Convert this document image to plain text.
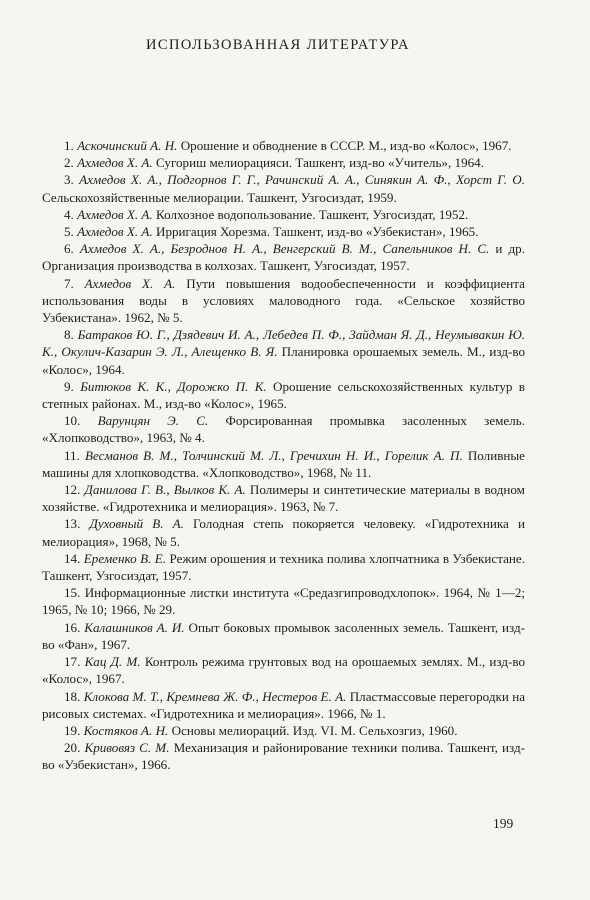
ИСПОЛЬЗОВАННАЯ ЛИТЕРАТУРА

1. Аскочинский А. Н. Орошение и обводнение в СССР. М., изд-во «Колос», 1967.

2. Ахмедов Х. А. Сугориш мелиорацияси. Ташкент, изд-во «Учитель», 1964.

3. Ахмедов Х. А., Подгорнов Г. Г., Рачинский А. А., Синякин А. Ф., Хорст Г. О. Сельскохозяйственные мелиорации. Ташкент, Узгосиздат, 1959.

4. Ахмедов Х. А. Колхозное водопользование. Ташкент, Узгосиздат, 1952.

5. Ахмедов Х. А. Ирригация Хорезма. Ташкент, изд-во «Узбекистан», 1965.

6. Ахмедов Х. А., Безроднов Н. А., Венгерский В. М., Сапельников Н. С. и др. Организация производства в колхозах. Ташкент, Узгосиздат, 1957.

7. Ахмедов Х. А. Пути повышения водообеспеченности и коэффициента использования воды в условиях маловодного года. «Сельское хозяйство Узбекистана». 1962, № 5.

8. Батраков Ю. Г., Дзядевич И. А., Лебедев П. Ф., Зайдман Я. Д., Неумывакин Ю. К., Окулич-Казарин Э. Л., Алещенко В. Я. Планировка орошаемых земель. М., изд-во «Колос», 1964.

9. Битюков К. К., Дорожко П. К. Орошение сельскохозяйственных культур в степных районах. М., изд-во «Колос», 1965.

10. Варунцян Э. С. Форсированная промывка засоленных земель. «Хлопководство», 1963, № 4.

11. Весманов В. М., Толчинский М. Л., Гречихин Н. И., Горелик А. П. Поливные машины для хлопководства. «Хлопководство», 1968, № 11.

12. Данилова Г. В., Вылков К. А. Полимеры и синтетические материалы в водном хозяйстве. «Гидротехника и мелиорация». 1963, № 7.

13. Духовный В. А. Голодная степь покоряется человеку. «Гидротехника и мелиорация», 1968, № 5.

14. Еременко В. Е. Режим орошения и техника полива хлопчатника в Узбекистане. Ташкент, Узгосиздат, 1957.

15. Информационные листки института «Средазгипроводхлопок». 1964, № 1—2; 1965, № 10; 1966, № 29.

16. Калашников А. И. Опыт боковых промывок засоленных земель. Ташкент, изд-во «Фан», 1967.

17. Кац Д. М. Контроль режима грунтовых вод на орошаемых землях. М., изд-во «Колос», 1967.

18. Клокова М. Т., Кремнева Ж. Ф., Нестеров Е. А. Пластмассовые перегородки на рисовых системах. «Гидротехника и мелиорация». 1966, № 1.

19. Костяков А. Н. Основы мелиораций. Изд. VI. М. Сельхозгиз, 1960.

20. Кривовяз С. М. Механизация и районирование техники полива. Ташкент, изд-во «Узбекистан», 1966.

199
